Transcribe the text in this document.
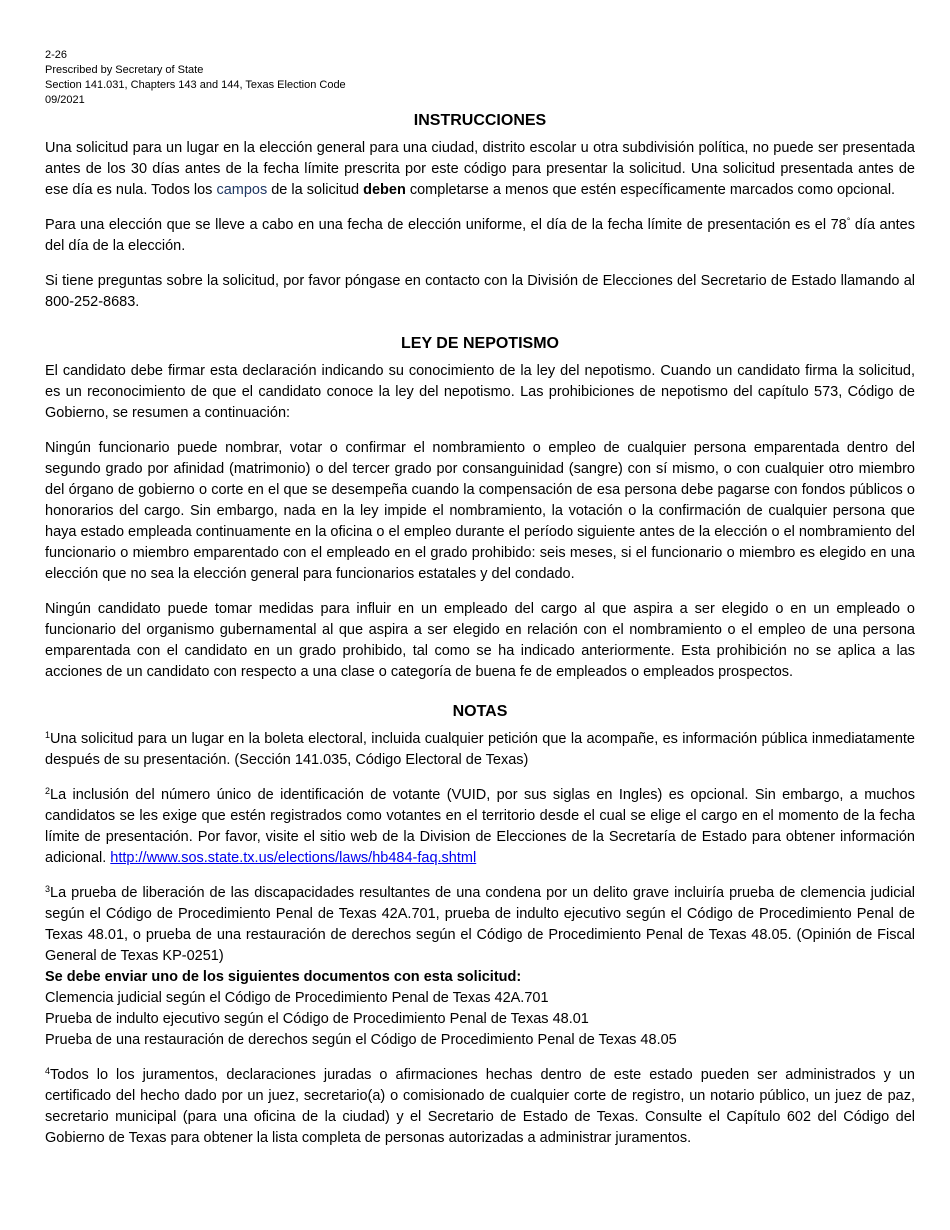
2-26
Prescribed by Secretary of State
Section 141.031, Chapters 143 and 144, Texas Election Code
09/2021
INSTRUCCIONES

Una solicitud para un lugar en la elección general para una ciudad, distrito escolar u otra subdivisión política, no puede ser presentada antes de los 30 días antes de la fecha límite prescrita por este código para presentar la solicitud. Una solicitud presentada antes de ese día es nula. Todos los campos de la solicitud deben completarse a menos que estén específicamente marcados como opcional.

Para una elección que se lleve a cabo en una fecha de elección uniforme, el día de la fecha límite de presentación es el 78° día antes del día de la elección.

Si tiene preguntas sobre la solicitud, por favor póngase en contacto con la División de Elecciones del Secretario de Estado llamando al 800-252-8683.

LEY DE NEPOTISMO

El candidato debe firmar esta declaración indicando su conocimiento de la ley del nepotismo. Cuando un candidato firma la solicitud, es un reconocimiento de que el candidato conoce la ley del nepotismo. Las prohibiciones de nepotismo del capítulo 573, Código de Gobierno, se resumen a continuación:

Ningún funcionario puede nombrar, votar o confirmar el nombramiento o empleo de cualquier persona emparentada dentro del segundo grado por afinidad (matrimonio) o del tercer grado por consanguinidad (sangre) con sí mismo, o con cualquier otro miembro del órgano de gobierno o corte en el que se desempeña cuando la compensación de esa persona debe pagarse con fondos públicos o honorarios del cargo. Sin embargo, nada en la ley impide el nombramiento, la votación o la confirmación de cualquier persona que haya estado empleada continuamente en la oficina o el empleo durante el período siguiente antes de la elección o el nombramiento del funcionario o miembro emparentado con el empleado en el grado prohibido: seis meses, si el funcionario o miembro es elegido en una elección que no sea la elección general para funcionarios estatales y del condado.

Ningún candidato puede tomar medidas para influir en un empleado del cargo al que aspira a ser elegido o en un empleado o funcionario del organismo gubernamental al que aspira a ser elegido en relación con el nombramiento o el empleo de una persona emparentada con el candidato en un grado prohibido, tal como se ha indicado anteriormente. Esta prohibición no se aplica a las acciones de un candidato con respecto a una clase o categoría de buena fe de empleados o empleados prospectos.

NOTAS

$^1$Una solicitud para un lugar en la boleta electoral, incluida cualquier petición que la acompañe, es información pública inmediatamente después de su presentación. (Sección 141.035, Código Electoral de Texas)

$^2$La inclusión del número único de identificación de votante (VUID, por sus siglas en Ingles) es opcional. Sin embargo, a muchos candidatos se les exige que estén registrados como votantes en el territorio desde el cual se elige el cargo en el momento de la fecha límite de presentación. Por favor, visite el sitio web de la Division de Elecciones de la Secretaría de Estado para obtener información adicional. http://www.sos.state.tx.us/elections/laws/hb484-faq.shtml

$^3$La prueba de liberación de las discapacidades resultantes de una condena por un delito grave incluiría prueba de clemencia judicial según el Código de Procedimiento Penal de Texas 42A.701, prueba de indulto ejecutivo según el Código de Procedimiento Penal de Texas 48.01, o prueba de una restauración de derechos según el Código de Procedimiento Penal de Texas 48.05. (Opinión de Fiscal General de Texas KP-0251)

Se debe enviar uno de los siguientes documentos con esta solicitud:

Clemencia judicial según el Código de Procedimiento Penal de Texas 42A.701

Prueba de indulto ejecutivo según el Código de Procedimiento Penal de Texas 48.01

Prueba de una restauración de derechos según el Código de Procedimiento Penal de Texas 48.05

$^4$Todos lo los juramentos, declaraciones juradas o afirmaciones hechas dentro de este estado pueden ser administrados y un certificado del hecho dado por un juez, secretario(a) o comisionado de cualquier corte de registro, un notario público, un juez de paz, secretario municipal (para una oficina de la ciudad) y el Secretario de Estado de Texas. Consulte el Capítulo 602 del Código del Gobierno de Texas para obtener la lista completa de personas autorizadas a administrar juramentos.
